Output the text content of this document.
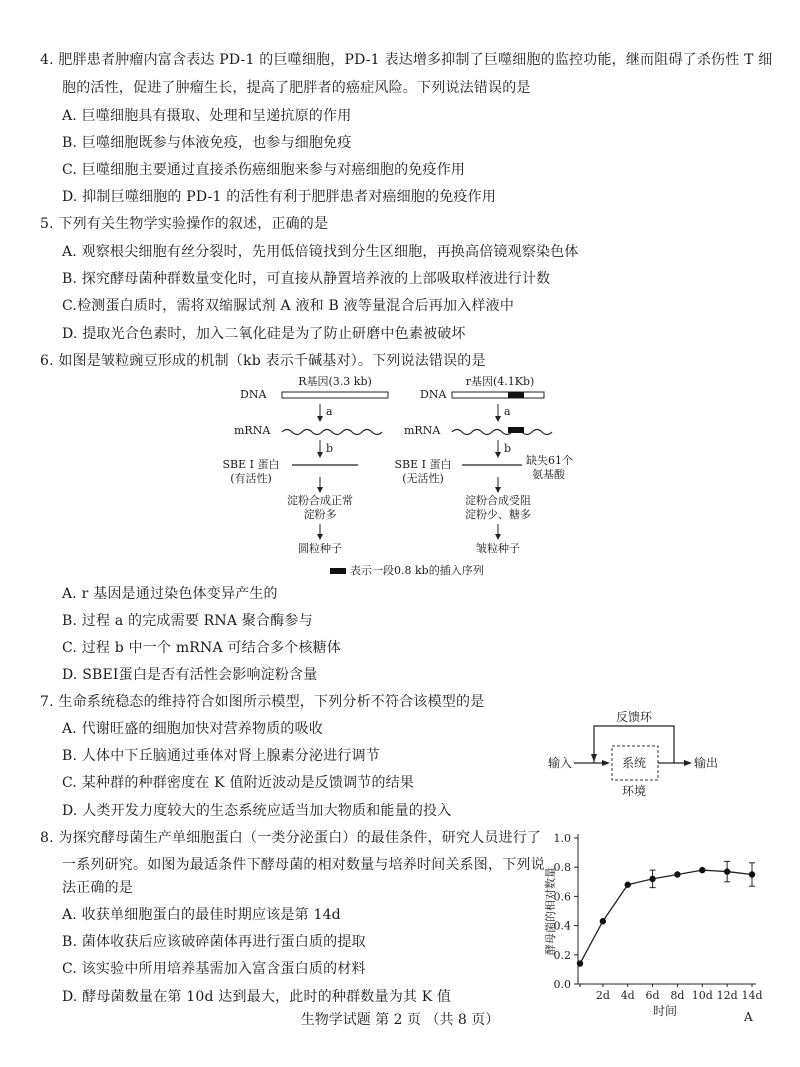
4. 肥胖患者肿瘤内富含表达 PD-1 的巨噬细胞，PD-1 表达增多抑制了巨噬细胞的监控功能，继而阻碍了杀伤性 T 细
胞的活性，促进了肿瘤生长，提高了肥胖者的癌症风险。下列说法错误的是
A. 巨噬细胞具有摄取、处理和呈递抗原的作用
B. 巨噬细胞既参与体液免疫，也参与细胞免疫
C. 巨噬细胞主要通过直接杀伤癌细胞来参与对癌细胞的免疫作用
D. 抑制巨噬细胞的 PD-1 的活性有利于肥胖患者对癌细胞的免疫作用
5. 下列有关生物学实验操作的叙述，正确的是
A. 观察根尖细胞有丝分裂时，先用低倍镜找到分生区细胞，再换高倍镜观察染色体
B. 探究酵母菌种群数量变化时，可直接从静置培养液的上部吸取样液进行计数
C.检测蛋白质时，需将双缩脲试剂 A 液和 B 液等量混合后再加入样液中
D. 提取光合色素时，加入二氧化硅是为了防止研磨中色素被破坏
6. 如图是皱粒豌豆形成的机制（kb 表示千碱基对）。下列说法错误的是
R基因(3.3 kb)	r基因(4.1Kb)
DNA	DNA
a	a
mRNA	mRNA
b	b
SBE Ⅰ 蛋白
(有活性)
SBE Ⅰ 蛋白
(无活性)
缺失61个
氨基酸
淀粉合成正常
淀粉多
淀粉合成受阻
淀粉少、糖多
圆粒种子	皱粒种子
表示一段0.8 kb的插入序列
A. r 基因是通过染色体变异产生的
B. 过程 a 的完成需要 RNA 聚合酶参与
C. 过程 b 中一个 mRNA 可结合多个核糖体
D. SBEI蛋白是否有活性会影响淀粉含量
7. 生命系统稳态的维持符合如图所示模型，下列分析不符合该模型的是
A. 代谢旺盛的细胞加快对营养物质的吸收
B. 人体中下丘脑通过垂体对肾上腺素分泌进行调节
C. 某种群的种群密度在 K 值附近波动是反馈调节的结果
D. 人类开发力度较大的生态系统应适当加大物质和能量的投入
反馈环
输入	系统	输出
环境
8. 为探究酵母菌生产单细胞蛋白（一类分泌蛋白）的最佳条件，研究人员进行了
一系列研究。如图为最适条件下酵母菌的相对数量与培养时间关系图，下列说
法正确的是
A. 收获单细胞蛋白的最佳时期应该是第 14d
B. 菌体收获后应该破碎菌体再进行蛋白质的提取
C. 该实验中所用培养基需加入富含蛋白质的材料
D. 酵母菌数量在第 10d 达到最大，此时的种群数量为其 K 值
0.0
0.2
0.4
0.6
0.8
1.0
2d 4d 6d 8d 10d 12d 14d
时间
酵母菌的相对数量
生物学试题 第 2 页 （共 8 页）	A
